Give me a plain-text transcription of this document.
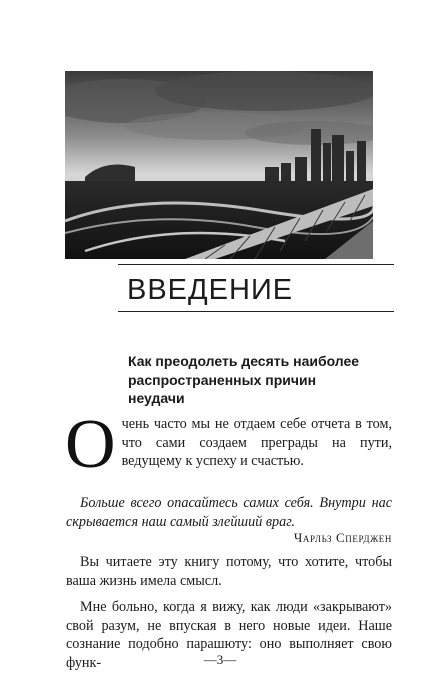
ВВЕДЕНИЕ
Как преодолеть десять наиболее распространенных причин неудачи
О чень часто мы не отдаем себе отчета в том, что сами создаем преграды на пути, ведущему к успеху и счастью.
Больше всего опасайтесь самих себя. Внутри нас скрывается наш самый злейший враг.
Чарльз Сперджен
Вы читаете эту книгу потому, что хотите, чтобы ваша жизнь имела смысл.
Мне больно, когда я вижу, как люди «закрывают» свой разум, не впуская в него новые идеи. Наше сознание подобно парашюту: оно выполняет свою функ-	—3—
